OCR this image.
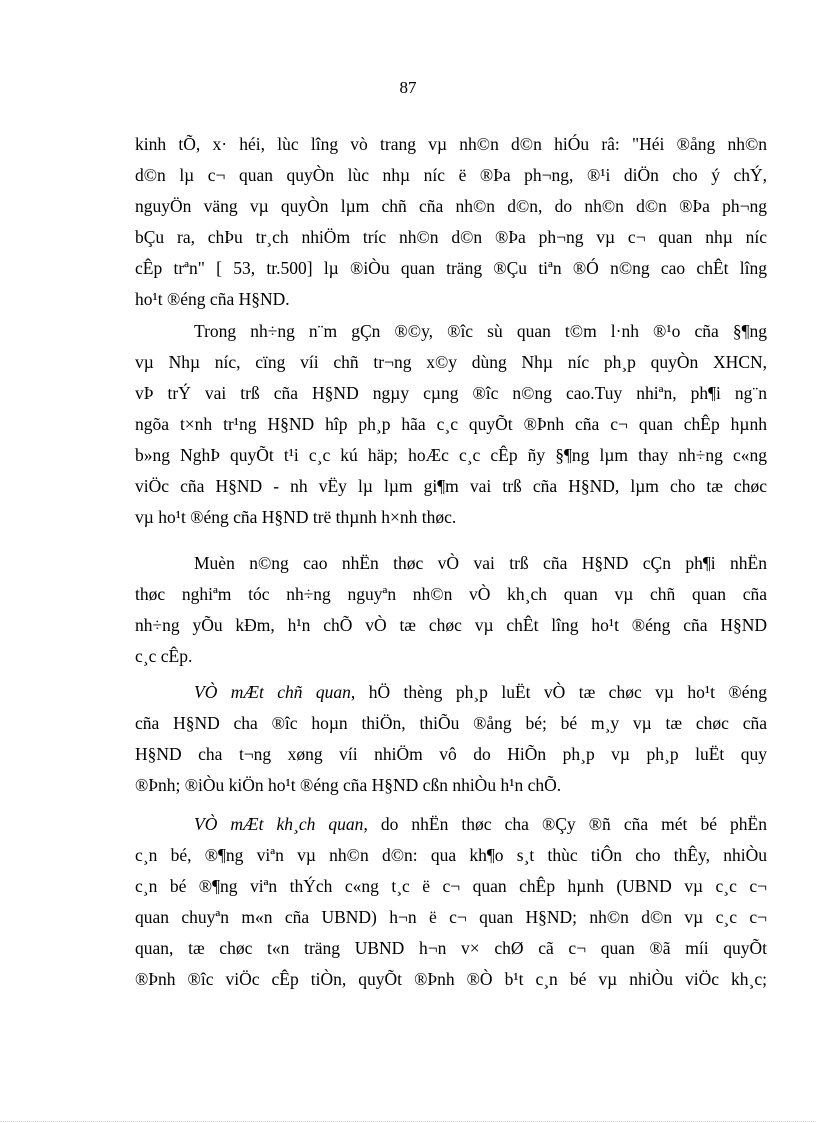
87
kinh tÕ, x· héi, lùc lîng vò trang vµ nh©n d©n hiÓu râ: "Héi ®ång nh©n
d©n lµ c¬ quan quyÒn lùc nhµ níc ë ®Þa ph¬ng, ®¹i diÖn cho ý chÝ,
nguyÖn väng vµ quyÒn lµm chñ cña nh©n d©n, do nh©n d©n ®Þa ph¬ng
bÇu ra, chÞu tr¸ch nhiÖm tríc nh©n d©n ®Þa ph¬ng vµ c¬ quan nhµ níc
cÊp trªn" [ 53, tr.500] lµ ®iÒu quan träng ®Çu tiªn ®Ó n©ng cao chÊt lîng
ho¹t ®éng cña H§ND.
Trong nh÷ng n¨m gÇn ®©y, ®îc sù quan t©m l·nh ®¹o cña §¶ng
vµ Nhµ níc, cïng víi chñ tr¬ng x©y dùng Nhµ níc ph¸p quyÒn XHCN,
vÞ trÝ vai trß cña H§ND ngµy cµng ®îc n©ng cao.Tuy nhiªn, ph¶i ng¨n
ngõa t×nh tr¹ng H§ND hîp ph¸p hãa c¸c quyÕt ®Þnh cña c¬ quan chÊp hµnh
b»ng NghÞ quyÕt t¹i c¸c kú häp; hoÆc c¸c cÊp ñy §¶ng lµm thay nh÷ng c«ng
viÖc cña H§ND - nh vËy lµ lµm gi¶m vai trß cña H§ND, lµm cho tæ chøc
vµ ho¹t ®éng cña H§ND trë thµnh h×nh thøc.
Muèn n©ng cao nhËn thøc vÒ vai trß cña H§ND cÇn ph¶i nhËn
thøc nghiªm tóc nh÷ng nguyªn nh©n vÒ kh¸ch quan vµ chñ quan cña
nh÷ng yÕu kÐm, h¹n chÕ vÒ tæ chøc vµ chÊt lîng ho¹t ®éng cña H§ND
c¸c cÊp.
VÒ mÆt chñ quan, hÖ thèng ph¸p luËt vÒ tæ chøc vµ ho¹t ®éng
cña H§ND cha ®îc hoµn thiÖn, thiÕu ®ång bé; bé m¸y vµ tæ chøc cña
H§ND cha t¬ng xøng víi nhiÖm vô do HiÕn ph¸p vµ ph¸p luËt quy
®Þnh; ®iÒu kiÖn ho¹t ®éng cña H§ND cßn nhiÒu h¹n chÕ.
VÒ mÆt kh¸ch quan, do nhËn thøc cha ®Çy ®ñ cña mét bé phËn
c¸n bé, ®¶ng viªn vµ nh©n d©n: qua kh¶o s¸t thùc tiÔn cho thÊy, nhiÒu
c¸n bé ®¶ng viªn thÝch c«ng t¸c ë c¬ quan chÊp hµnh (UBND vµ c¸c c¬
quan chuyªn m«n cña UBND) h¬n ë c¬ quan H§ND; nh©n d©n vµ c¸c c¬
quan, tæ chøc t«n träng UBND h¬n v× chØ cã c¬ quan ®ã míi quyÕt
®Þnh ®îc viÖc cÊp tiÒn, quyÕt ®Þnh ®Ò b¹t c¸n bé vµ nhiÒu viÖc kh¸c;
